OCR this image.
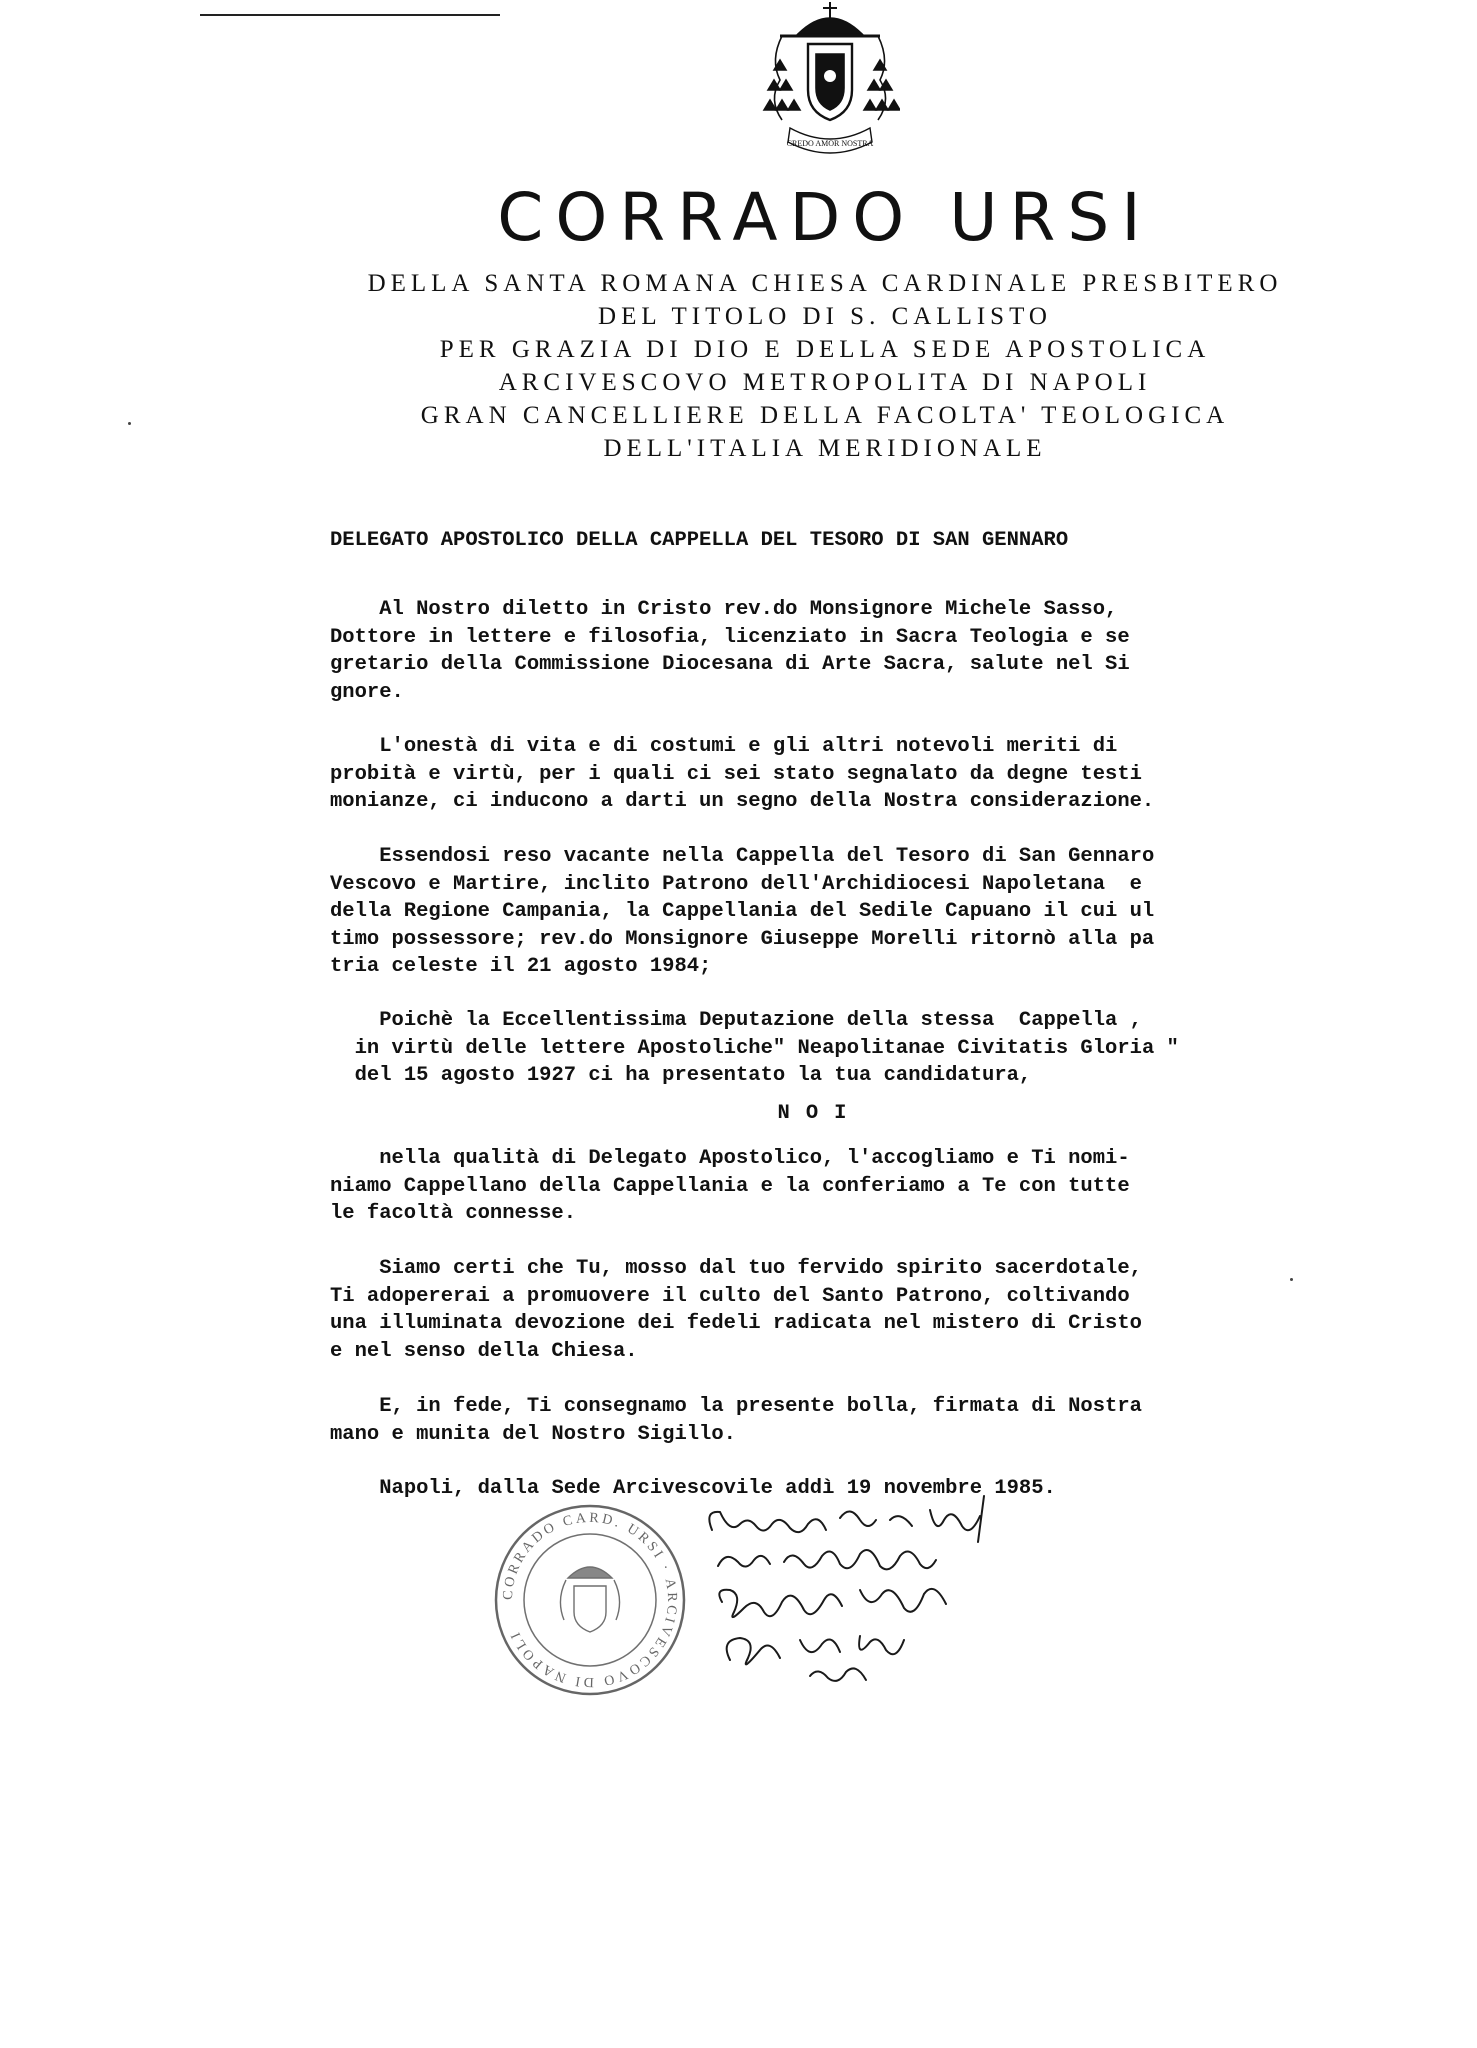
CREDO AMOR NOSTRA
CORRADO URSI

DELLA SANTA ROMANA CHIESA CARDINALE PRESBITERO

DEL TITOLO DI S. CALLISTO

PER GRAZIA DI DIO E DELLA SEDE APOSTOLICA

ARCIVESCOVO METROPOLITA DI NAPOLI

GRAN CANCELLIERE DELLA FACOLTA' TEOLOGICA

DELL'ITALIA MERIDIONALE

DELEGATO APOSTOLICO DELLA CAPPELLA DEL TESORO DI SAN GENNARO

Al Nostro diletto in Cristo rev.do Monsignore Michele Sasso,
Dottore in lettere e filosofia, licenziato in Sacra Teologia e se
gretario della Commissione Diocesana di Arte Sacra, salute nel Si
gnore.

L'onestà di vita e di costumi e gli altri notevoli meriti di
probità e virtù, per i quali ci sei stato segnalato da degne testi
monianze, ci inducono a darti un segno della Nostra considerazione.

Essendosi reso vacante nella Cappella del Tesoro di San Gennaro
Vescovo e Martire, inclito Patrono dell'Archidiocesi Napoletana  e
della Regione Campania, la Cappellania del Sedile Capuano il cui ul
timo possessore; rev.do Monsignore Giuseppe Morelli ritornò alla pa
tria celeste il 21 agosto 1984;

Poichè la Eccellentissima Deputazione della stessa  Cappella ,
in virtù delle lettere Apostoliche" Neapolitanae Civitatis Gloria "
del 15 agosto 1927 ci ha presentato la tua candidatura,

NOI

nella qualità di Delegato Apostolico, l'accogliamo e Ti nomi-
niamo Cappellano della Cappellania e la conferiamo a Te con tutte
le facoltà connesse.

Siamo certi che Tu, mosso dal tuo fervido spirito sacerdotale,
Ti adopererai a promuovere il culto del Santo Patrono, coltivando
una illuminata devozione dei fedeli radicata nel mistero di Cristo
e nel senso della Chiesa.

E, in fede, Ti consegnamo la presente bolla, firmata di Nostra
mano e munita del Nostro Sigillo.

Napoli, dalla Sede Arcivescovile addì 19 novembre 1985.

CORRADO CARD. URSI · ARCIVESCOVO DI NAPOLI
